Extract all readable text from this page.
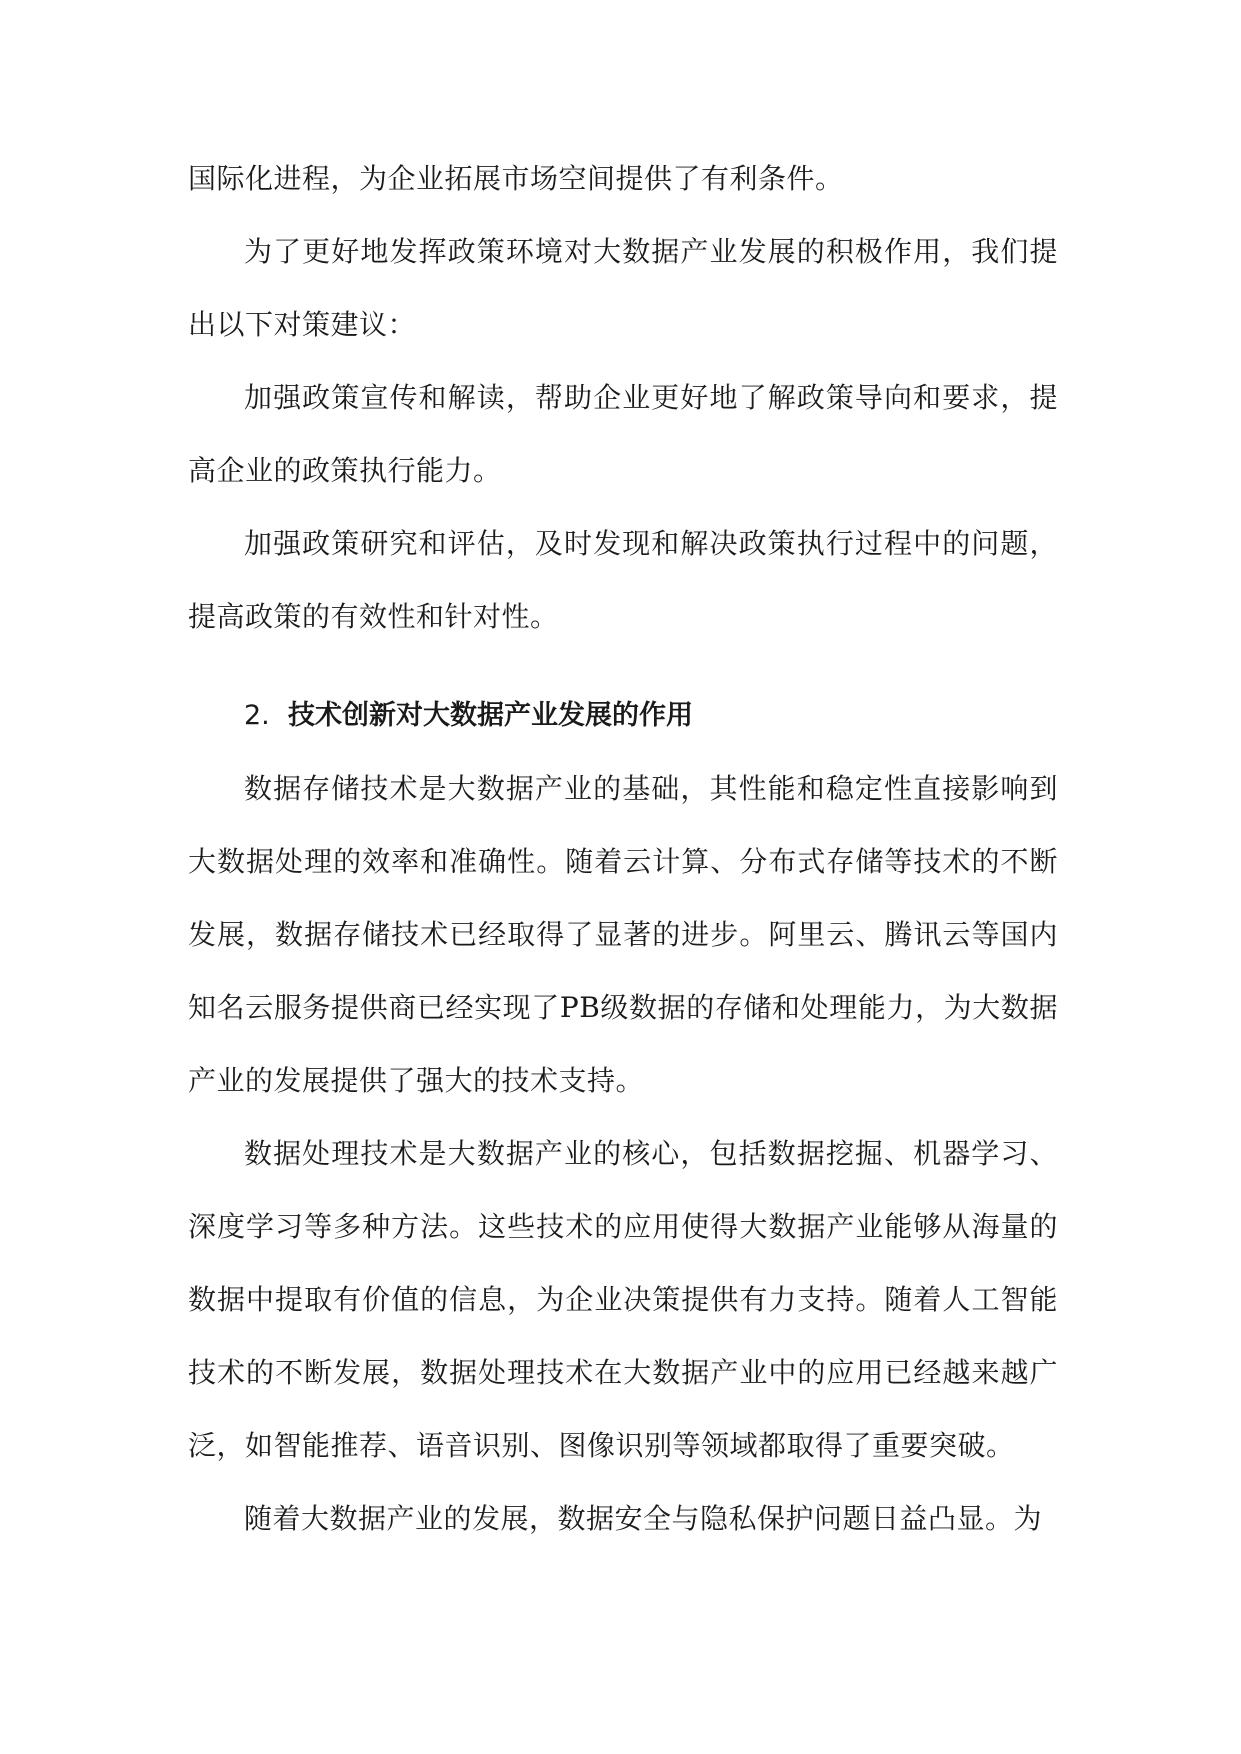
国际化进程，为企业拓展市场空间提供了有利条件。

为了更好地发挥政策环境对大数据产业发展的积极作用，我们提出以下对策建议：

加强政策宣传和解读，帮助企业更好地了解政策导向和要求，提高企业的政策执行能力。

加强政策研究和评估，及时发现和解决政策执行过程中的问题，提高政策的有效性和针对性。

2. 技术创新对大数据产业发展的作用

数据存储技术是大数据产业的基础，其性能和稳定性直接影响到大数据处理的效率和准确性。随着云计算、分布式存储等技术的不断发展，数据存储技术已经取得了显著的进步。阿里云、腾讯云等国内知名云服务提供商已经实现了PB级数据的存储和处理能力，为大数据产业的发展提供了强大的技术支持。

数据处理技术是大数据产业的核心，包括数据挖掘、机器学习、深度学习等多种方法。这些技术的应用使得大数据产业能够从海量的数据中提取有价值的信息，为企业决策提供有力支持。随着人工智能技术的不断发展，数据处理技术在大数据产业中的应用已经越来越广泛，如智能推荐、语音识别、图像识别等领域都取得了重要突破。

随着大数据产业的发展，数据安全与隐私保护问题日益凸显。为
